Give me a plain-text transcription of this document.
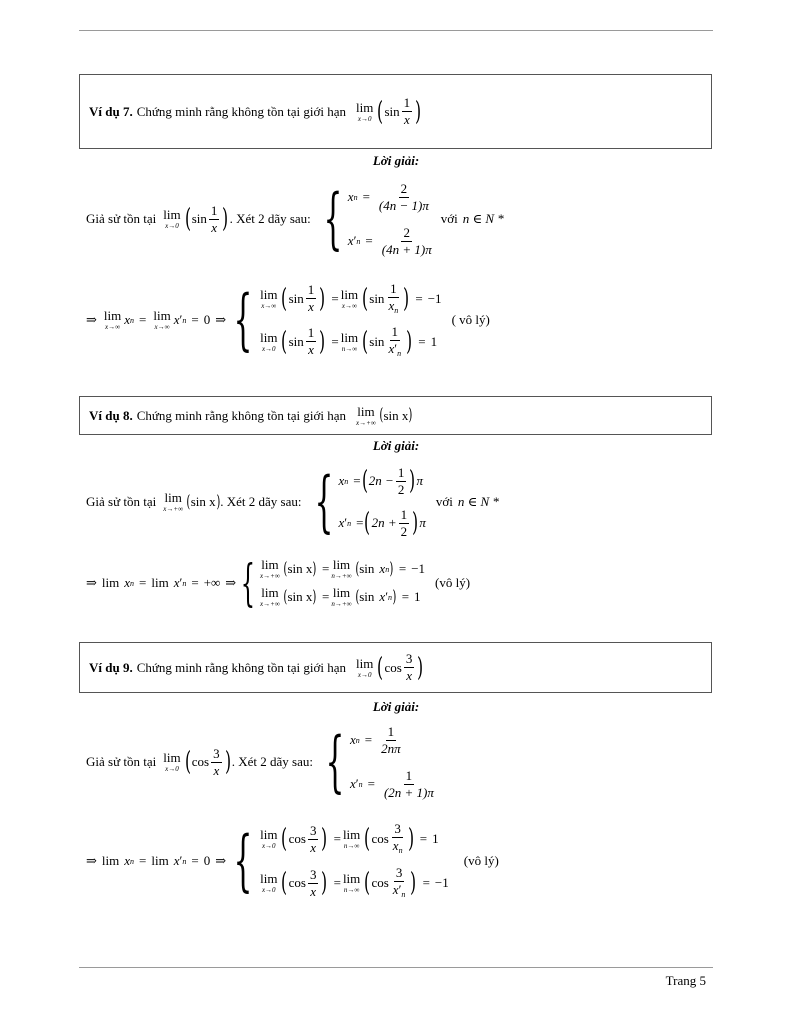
Ví dụ 7. Chứng minh rằng không tồn tại giới hạn lim
x→0 ( $\sin \frac{1}{x}$ )
Lời giải:
Giả sử tồn tại lim
x→0 ( $\sin \frac{1}{x}$ ) . Xét 2 dãy sau: { x $n = \frac{2}{(4n - 1)\pi}$
x ′ $n = \frac{2}{(4n + 1)\pi}$
với n ∈ N *
⇒ lim
x→∞ x n = lim
x→∞ x ′ n = 0 ⇒ { lim
x→∞ ( $\sin \frac{1}{x}$ ) = lim
x→∞ ( $\sin \frac{1}{x_n}$ ) = −1
lim
x→0 ( $\sin \frac{1}{x}$ ) = lim
n→∞ ( $\sin \frac{1}{x'_n}$ ) = 1
( vô lý)
Ví dụ 8. Chứng minh rằng không tồn tại giới hạn lim
x→+∞ ( sin x )
Lời giải:
Giả sử tồn tại lim
x→+∞ ( sin x ) . Xét 2 dãy sau: { x n = ( $2n - \frac{1}{2}$ ) π
x ′ n = ( $2n + \frac{1}{2}$ ) π
với n ∈ N *
⇒ lim x n = lim x ′ n = +∞ ⇒ { lim
x→+∞ ( sin x ) = lim
n→+∞ ( sin x n ) = −1
lim
x→+∞ ( sin x ) = lim
n→+∞ ( sin x ′ n ) = 1
(vô lý)
Ví dụ 9. Chứng minh rằng không tồn tại giới hạn lim
x→0 ( $\cos \frac{3}{x}$ )
Lời giải:
Giả sử tồn tại lim
x→0 ( $\cos \frac{3}{x}$ ) . Xét 2 dãy sau: { x $n = \frac{1}{2n\pi}$
x ′ $n = \frac{1}{(2n + 1)\pi}$
⇒ lim x n = lim x ′ n = 0 ⇒ { lim
x→0 ( $\cos \frac{3}{x}$ ) = lim
n→∞ ( $\cos \frac{3}{x_n}$ ) = 1
lim
x→0 ( $\cos \frac{3}{x}$ ) = lim
n→∞ ( $\cos \frac{3}{x'_n}$ ) = −1
(vô lý)
Trang 5
